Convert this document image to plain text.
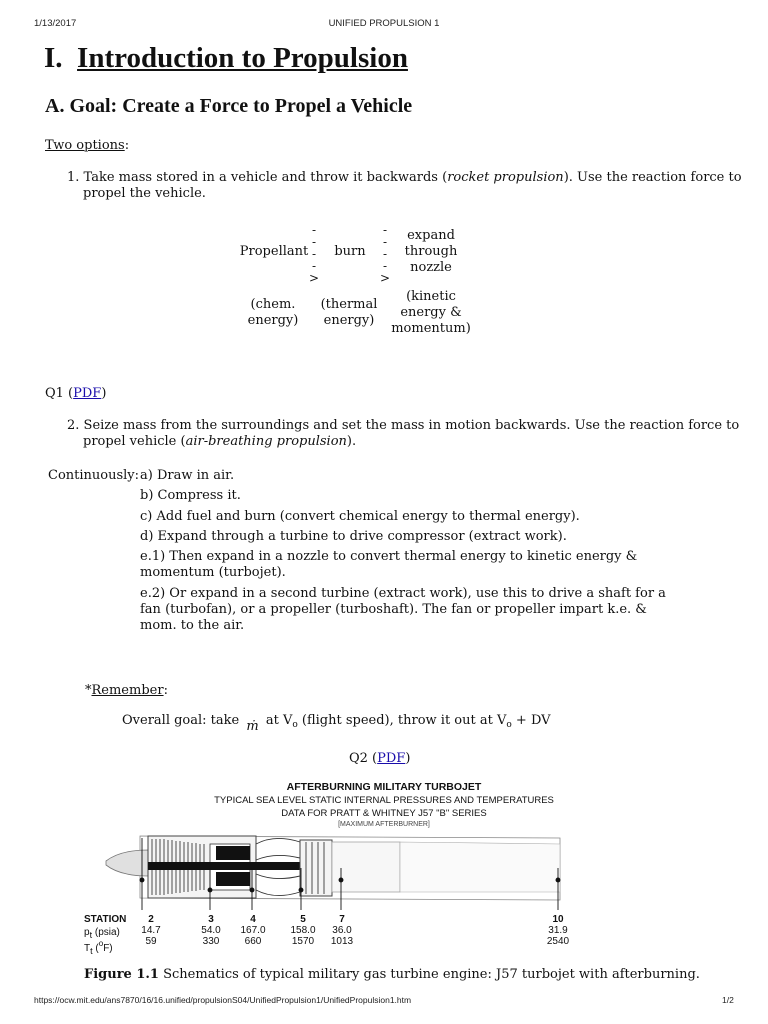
1/13/2017	UNIFIED PROPULSION 1
I. Introduction to Propulsion
A. Goal: Create a Force to Propel a Vehicle
Two options:
1. Take mass stored in a vehicle and throw it backwards (rocket propulsion). Use the reaction force to
propel the vehicle.
Propellant
-
-
-
-
>
burn
-
-
-
-
>
expand
through
nozzle
(chem.
energy)
(thermal
energy)
(kinetic
energy &
momentum)
Q1 (PDF)
2. Seize mass from the surroundings and set the mass in motion backwards. Use the reaction force to
propel vehicle (air-breathing propulsion).
Continuously: a) Draw in air.
b) Compress it.
c) Add fuel and burn (convert chemical energy to thermal energy).
d) Expand through a turbine to drive compressor (extract work).
e.1) Then expand in a nozzle to convert thermal energy to kinetic energy &
momentum (turbojet).
e.2) Or expand in a second turbine (extract work), use this to drive a shaft for a
fan (turbofan), or a propeller (turboshaft). The fan or propeller impart k.e. &
mom. to the air.
*Remember:
Overall goal: take ṁ at $V_o$ (flight speed), throw it out at $V_o$ + DV
Q2 (PDF)
AFTERBURNING MILITARY TURBOJET
TYPICAL SEA LEVEL STATIC INTERNAL PRESSURES AND TEMPERATURES
DATA FOR PRATT & WHITNEY J57 "B" SERIES
[MAXIMUM AFTERBURNER]
STATION
pt (psia)
Tt ($^o$F)
2
14.7
59
3
54.0
330
4
167.0
660
5
158.0
1570
7
36.0
1013
10
31.9
2540
Figure 1.1 Schematics of typical military gas turbine engine: J57 turbojet with afterburning.
https://ocw.mit.edu/ans7870/16/16.unified/propulsionS04/UnifiedPropulsion1/UnifiedPropulsion1.htm	1/2
